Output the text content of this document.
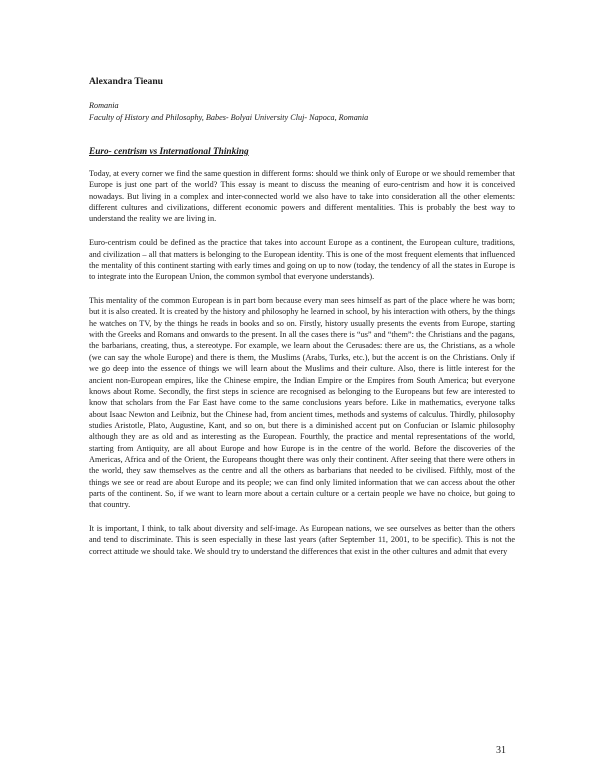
Alexandra Tieanu
Romania
Faculty of History and Philosophy, Babes- Bolyai University Cluj- Napoca, Romania
Euro- centrism vs International Thinking

Today, at every corner we find the same question in different forms: should we think only of Europe or we should remember that Europe is just one part of the world? This essay is meant to discuss the meaning of euro-centrism and how it is conceived nowadays. But living in a complex and inter-connected world we also have to take into consideration all the other elements: different cultures and civilizations, different economic powers and different mentalities. This is probably the best way to understand the reality we are living in.

Euro-centrism could be defined as the practice that takes into account Europe as a continent, the European culture, traditions, and civilization – all that matters is belonging to the European identity. This is one of the most frequent elements that influenced the mentality of this continent starting with early times and going on up to now (today, the tendency of all the states in Europe is to integrate into the European Union, the common symbol that everyone understands).

This mentality of the common European is in part born because every man sees himself as part of the place where he was born; but it is also created. It is created by the history and philosophy he learned in school, by his interaction with others, by the things he watches on TV, by the things he reads in books and so on. Firstly, history usually presents the events from Europe, starting with the Greeks and Romans and onwards to the present. In all the cases there is “us” and “them”: the Christians and the pagans, the barbarians, creating, thus, a stereotype. For example, we learn about the Cerusades: there are us, the Christians, as a whole (we can say the whole Europe) and there is them, the Muslims (Arabs, Turks, etc.), but the accent is on the Christians. Only if we go deep into the essence of things we will learn about the Muslims and their culture. Also, there is little interest for the ancient non-European empires, like the Chinese empire, the Indian Empire or the Empires from South America; but everyone knows about Rome. Secondly, the first steps in science are recognised as belonging to the Europeans but few are interested to know that scholars from the Far East have come to the same conclusions years before. Like in mathematics, everyone talks about Isaac Newton and Leibniz, but the Chinese had, from ancient times, methods and systems of calculus. Thirdly, philosophy studies Aristotle, Plato, Augustine, Kant, and so on, but there is a diminished accent put on Confucian or Islamic philosophy although they are as old and as interesting as the European. Fourthly, the practice and mental representations of the world, starting from Antiquity, are all about Europe and how Europe is in the centre of the world. Before the discoveries of the Americas, Africa and of the Orient, the Europeans thought there was only their continent. After seeing that there were others in the world, they saw themselves as the centre and all the others as barbarians that needed to be civilised. Fifthly, most of the things we see or read are about Europe and its people; we can find only limited information that we can access about the other parts of the continent. So, if we want to learn more about a certain culture or a certain people we have no choice, but going to that country.

It is important, I think, to talk about diversity and self-image. As European nations, we see ourselves as better than the others and tend to discriminate. This is seen especially in these last years (after September 11, 2001, to be specific). This is not the correct attitude we should take. We should try to understand the differences that exist in the other cultures and admit that every

31
